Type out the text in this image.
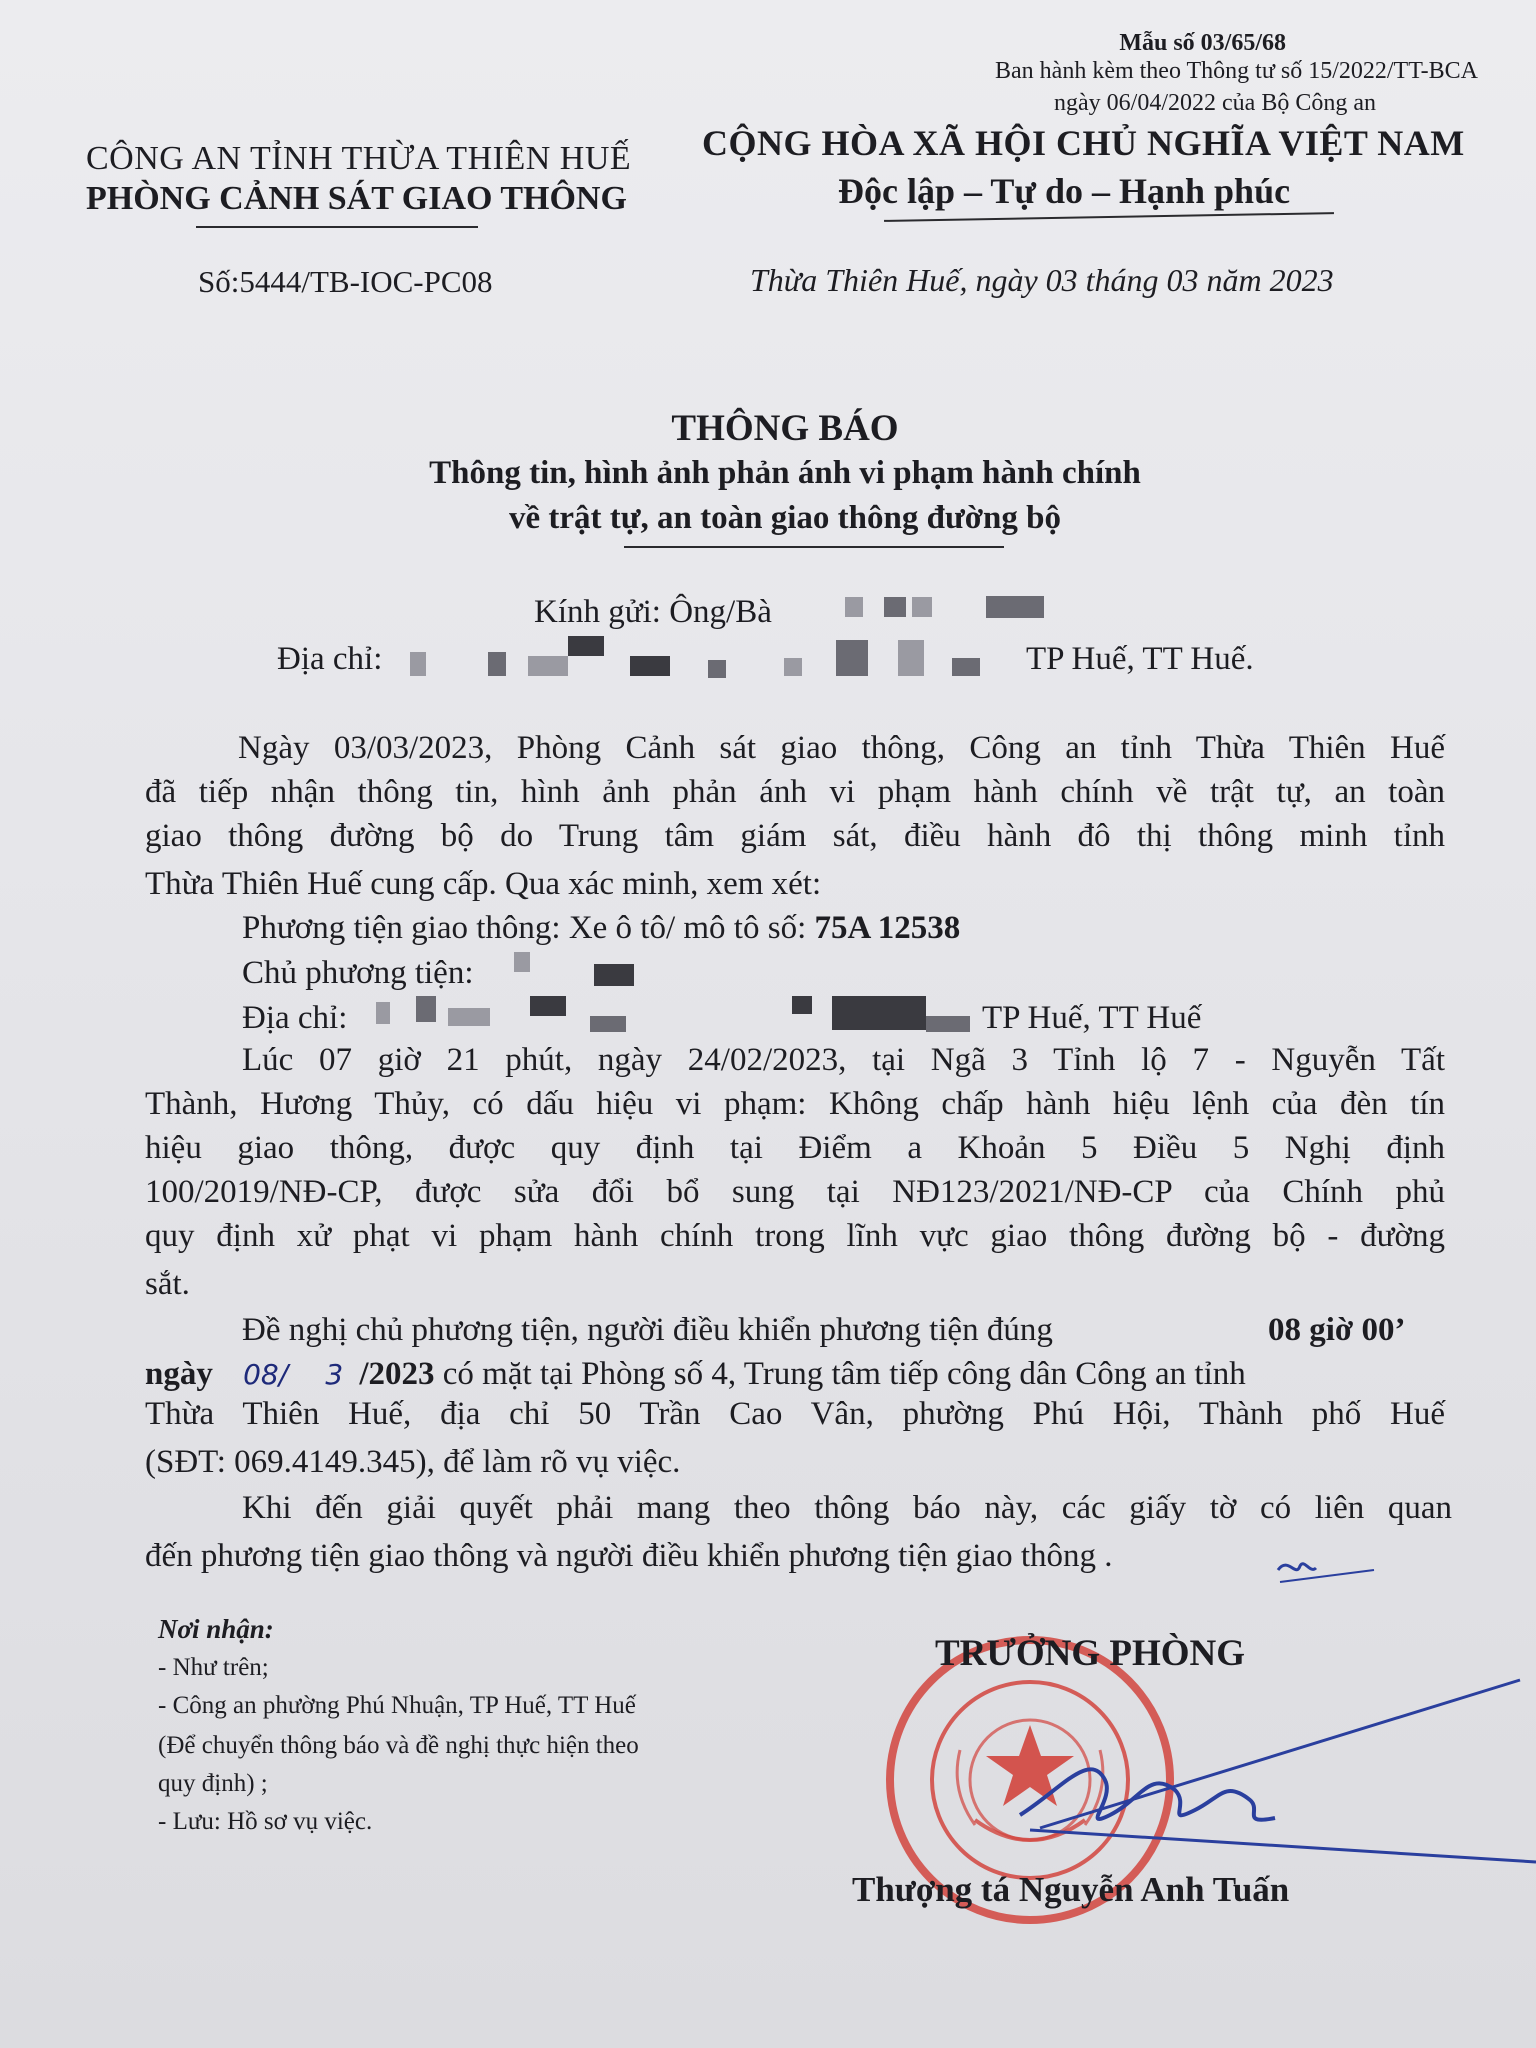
Mẫu số 03/65/68
Ban hành kèm theo Thông tư số 15/2022/TT-BCA
ngày 06/04/2022 của Bộ Công an
CÔNG AN TỈNH THỪA THIÊN HUẾ
PHÒNG CẢNH SÁT GIAO THÔNG
CỘNG HÒA XÃ HỘI CHỦ NGHĨA VIỆT NAM
Độc lập – Tự do – Hạnh phúc
Số:5444/TB-IOC-PC08	Thừa Thiên Huế, ngày 03 tháng 03 năm 2023
THÔNG BÁO
Thông tin, hình ảnh phản ánh vi phạm hành chính
về trật tự, an toàn giao thông đường bộ
Kính gửi: Ông/Bà
Địa chỉ:	TP Huế, TT Huế.
Ngày 03/03/2023, Phòng Cảnh sát giao thông, Công an tỉnh Thừa Thiên Huế
đã tiếp nhận thông tin, hình ảnh phản ánh vi phạm hành chính về trật tự, an toàn
giao thông đường bộ do Trung tâm giám sát, điều hành đô thị thông minh tỉnh
Thừa Thiên Huế cung cấp. Qua xác minh, xem xét:
Phương tiện giao thông: Xe ô tô/ mô tô số: 75A 12538
Chủ phương tiện:
Địa chỉ:	TP Huế, TT Huế
Lúc 07 giờ 21 phút, ngày 24/02/2023, tại Ngã 3 Tỉnh lộ 7 - Nguyễn Tất
Thành, Hương Thủy, có dấu hiệu vi phạm: Không chấp hành hiệu lệnh của đèn tín
hiệu giao thông, được quy định tại Điểm a Khoản 5 Điều 5 Nghị định
100/2019/NĐ-CP, được sửa đổi bổ sung tại NĐ123/2021/NĐ-CP của Chính phủ
quy định xử phạt vi phạm hành chính trong lĩnh vực giao thông đường bộ - đường
sắt.
Đề nghị chủ phương tiện, người điều khiển phương tiện đúng	08 giờ 00’
ngày 08/ 3 /2023 có mặt tại Phòng số 4, Trung tâm tiếp công dân Công an tỉnh
Thừa Thiên Huế, địa chỉ 50 Trần Cao Vân, phường Phú Hội, Thành phố Huế
(SĐT: 069.4149.345), để làm rõ vụ việc.
Khi đến giải quyết phải mang theo thông báo này, các giấy tờ có liên quan
đến phương tiện giao thông và người điều khiển phương tiện giao thông .
Nơi nhận:
- Như trên;
- Công an phường Phú Nhuận, TP Huế, TT Huế
(Để chuyển thông báo và đề nghị thực hiện theo
quy định) ;
- Lưu: Hồ sơ vụ việc.
TRƯỞNG PHÒNG
Thượng tá Nguyễn Anh Tuấn
